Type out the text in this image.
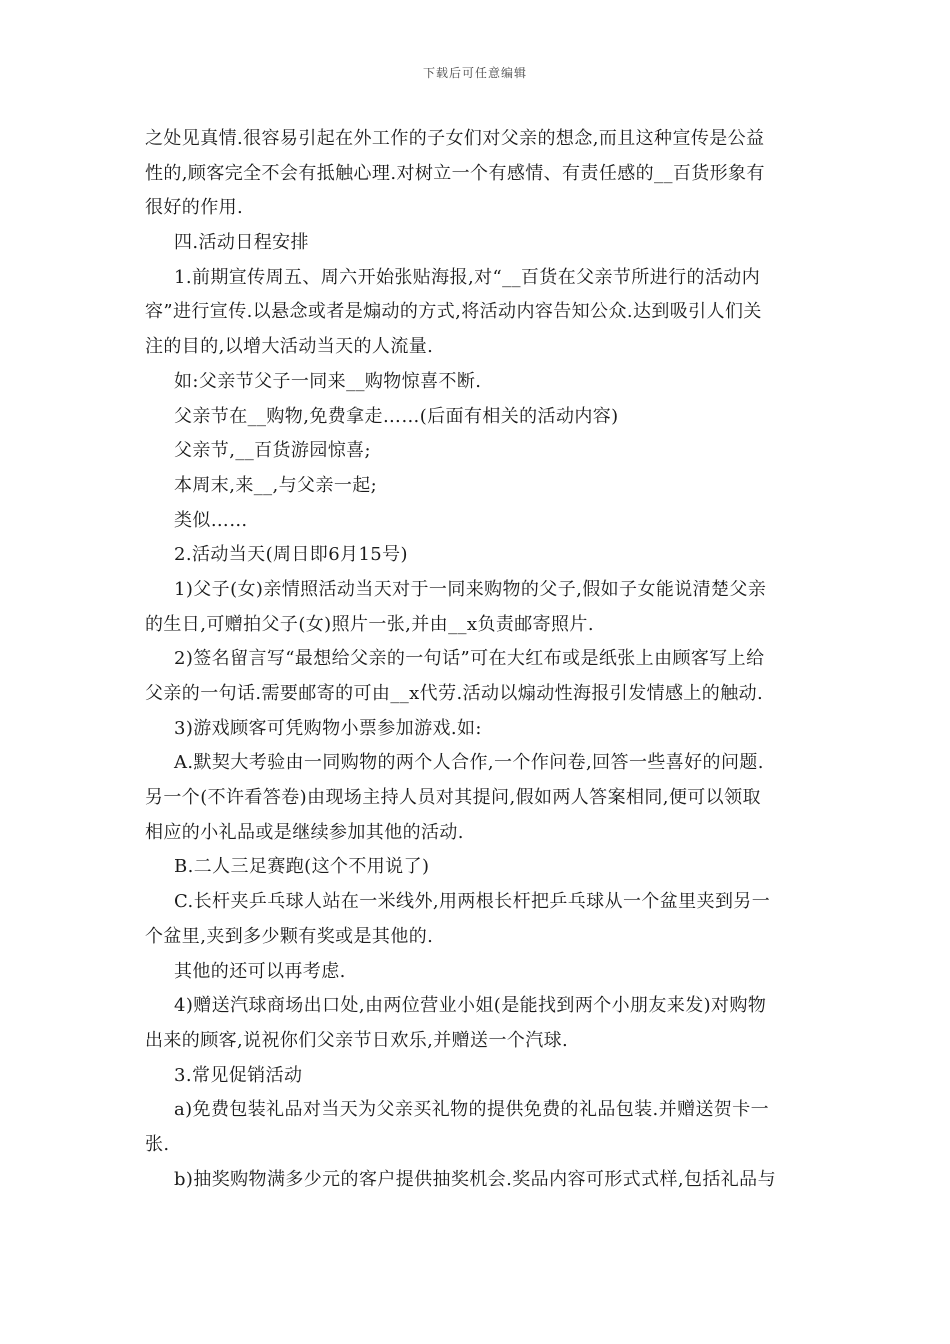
下载后可任意编辑
之处见真情.很容易引起在外工作的子女们对父亲的想念,而且这种宣传是公益
性的,顾客完全不会有抵触心理.对树立一个有感情、有责任感的__百货形象有
很好的作用.
四.活动日程安排
1.前期宣传周五、周六开始张贴海报,对“__百货在父亲节所进行的活动内
容”进行宣传.以悬念或者是煽动的方式,将活动内容告知公众.达到吸引人们关
注的目的,以增大活动当天的人流量.
如:父亲节父子一同来__购物惊喜不断.
父亲节在__购物,免费拿走……(后面有相关的活动内容)
父亲节,__百货游园惊喜;
本周末,来__,与父亲一起;
类似……
2.活动当天(周日即6月15号)
1)父子(女)亲情照活动当天对于一同来购物的父子,假如子女能说清楚父亲
的生日,可赠拍父子(女)照片一张,并由__x负责邮寄照片.
2)签名留言写“最想给父亲的一句话”可在大红布或是纸张上由顾客写上给
父亲的一句话.需要邮寄的可由__x代劳.活动以煽动性海报引发情感上的触动.
3)游戏顾客可凭购物小票参加游戏.如:
A.默契大考验由一同购物的两个人合作,一个作问卷,回答一些喜好的问题.
另一个(不许看答卷)由现场主持人员对其提问,假如两人答案相同,便可以领取
相应的小礼品或是继续参加其他的活动.
B.二人三足赛跑(这个不用说了)
C.长杆夹乒乓球人站在一米线外,用两根长杆把乒乓球从一个盆里夹到另一
个盆里,夹到多少颗有奖或是其他的.
其他的还可以再考虑.
4)赠送汽球商场出口处,由两位营业小姐(是能找到两个小朋友来发)对购物
出来的顾客,说祝你们父亲节日欢乐,并赠送一个汽球.
3.常见促销活动
a)免费包装礼品对当天为父亲买礼物的提供免费的礼品包装.并赠送贺卡一
张.
b)抽奖购物满多少元的客户提供抽奖机会.奖品内容可形式式样,包括礼品与
